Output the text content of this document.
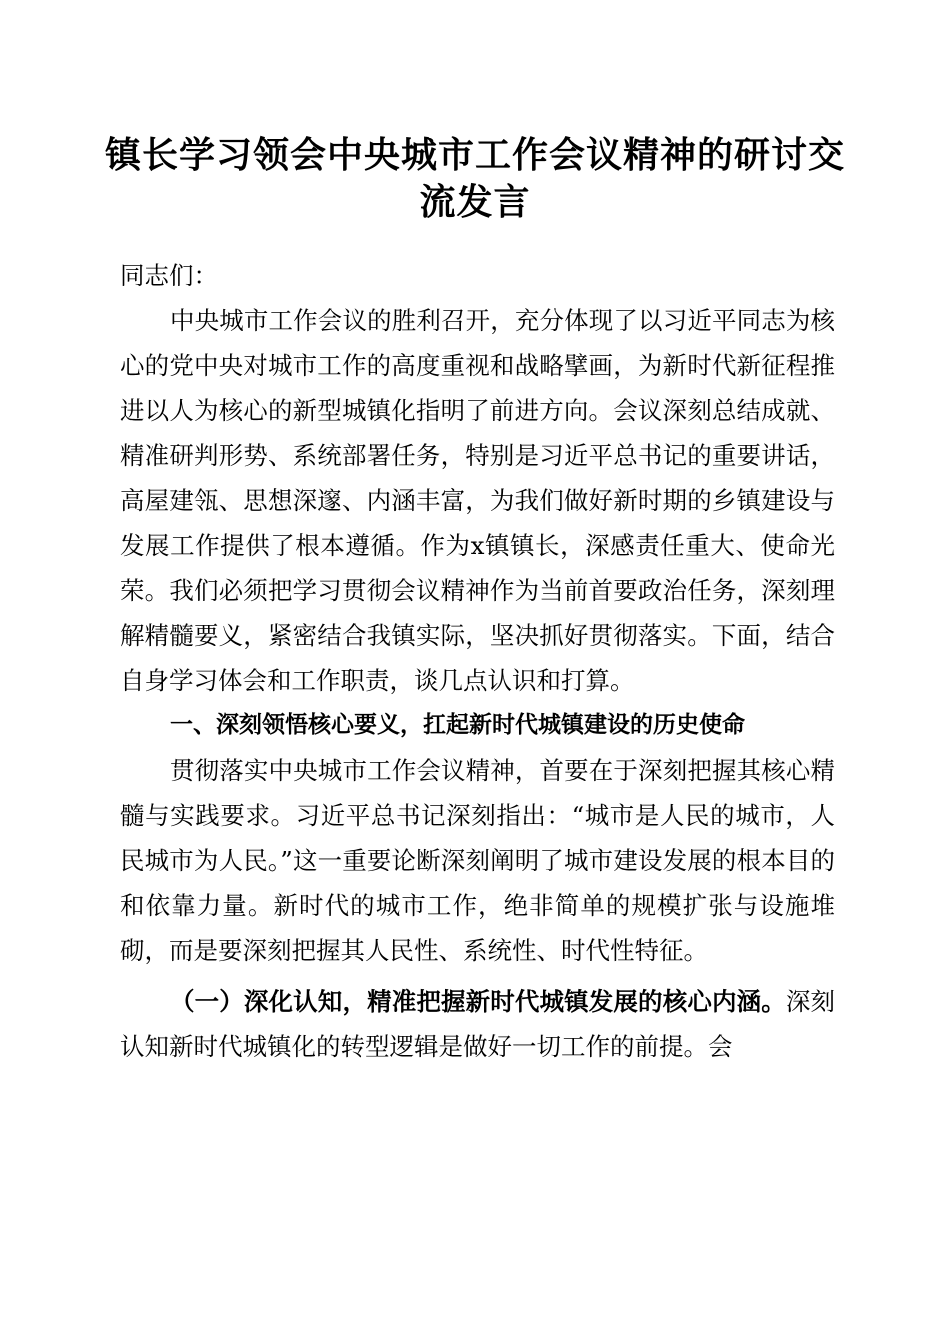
镇长学习领会中央城市工作会议精神的研讨交流发言

同志们：

中央城市工作会议的胜利召开，充分体现了以习近平同志为核心的党中央对城市工作的高度重视和战略擘画，为新时代新征程推进以人为核心的新型城镇化指明了前进方向。会议深刻总结成就、精准研判形势、系统部署任务，特别是习近平总书记的重要讲话，高屋建瓴、思想深邃、内涵丰富，为我们做好新时期的乡镇建设与发展工作提供了根本遵循。作为x镇镇长，深感责任重大、使命光荣。我们必须把学习贯彻会议精神作为当前首要政治任务，深刻理解精髓要义，紧密结合我镇实际，坚决抓好贯彻落实。下面，结合自身学习体会和工作职责，谈几点认识和打算。

一、深刻领悟核心要义，扛起新时代城镇建设的历史使命

贯彻落实中央城市工作会议精神，首要在于深刻把握其核心精髓与实践要求。习近平总书记深刻指出：“城市是人民的城市，人民城市为人民。”这一重要论断深刻阐明了城市建设发展的根本目的和依靠力量。新时代的城市工作，绝非简单的规模扩张与设施堆砌，而是要深刻把握其人民性、系统性、时代性特征。

（一）深化认知，精准把握新时代城镇发展的核心内涵。深刻认知新时代城镇化的转型逻辑是做好一切工作的前提。会
